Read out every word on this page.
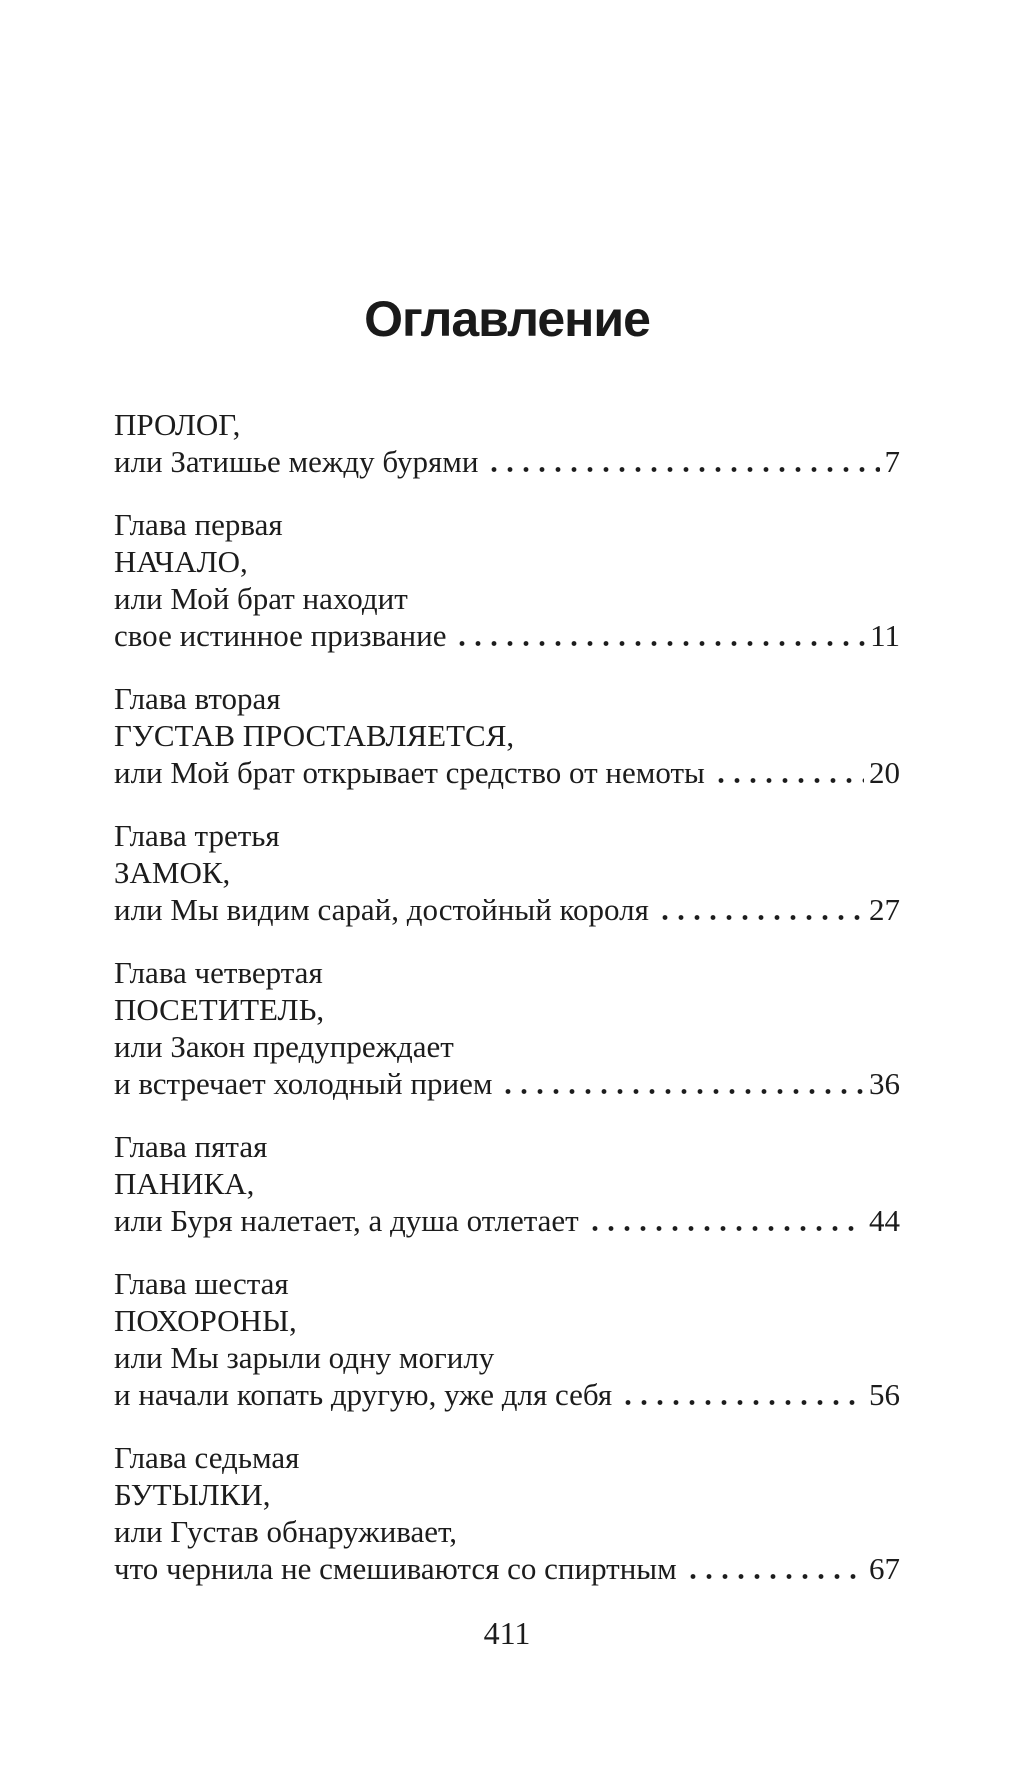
Оглавление
ПРОЛОГ,
или Затишье между бурями	7
Глава первая
НАЧАЛО,
или Мой брат находит
свое истинное призвание	11
Глава вторая
ГУСТАВ ПРОСТАВЛЯЕТСЯ,
или Мой брат открывает средство от немоты	20
Глава третья
ЗАМОК,
или Мы видим сарай, достойный короля	27
Глава четвертая
ПОСЕТИТЕЛЬ,
или Закон предупреждает
и встречает холодный прием	36
Глава пятая
ПАНИКА,
или Буря налетает, а душа отлетает	44
Глава шестая
ПОХОРОНЫ,
или Мы зарыли одну могилу
и начали копать другую, уже для себя	56
Глава седьмая
БУТЫЛКИ,
или Густав обнаруживает,
что чернила не смешиваются со спиртным	67
411
